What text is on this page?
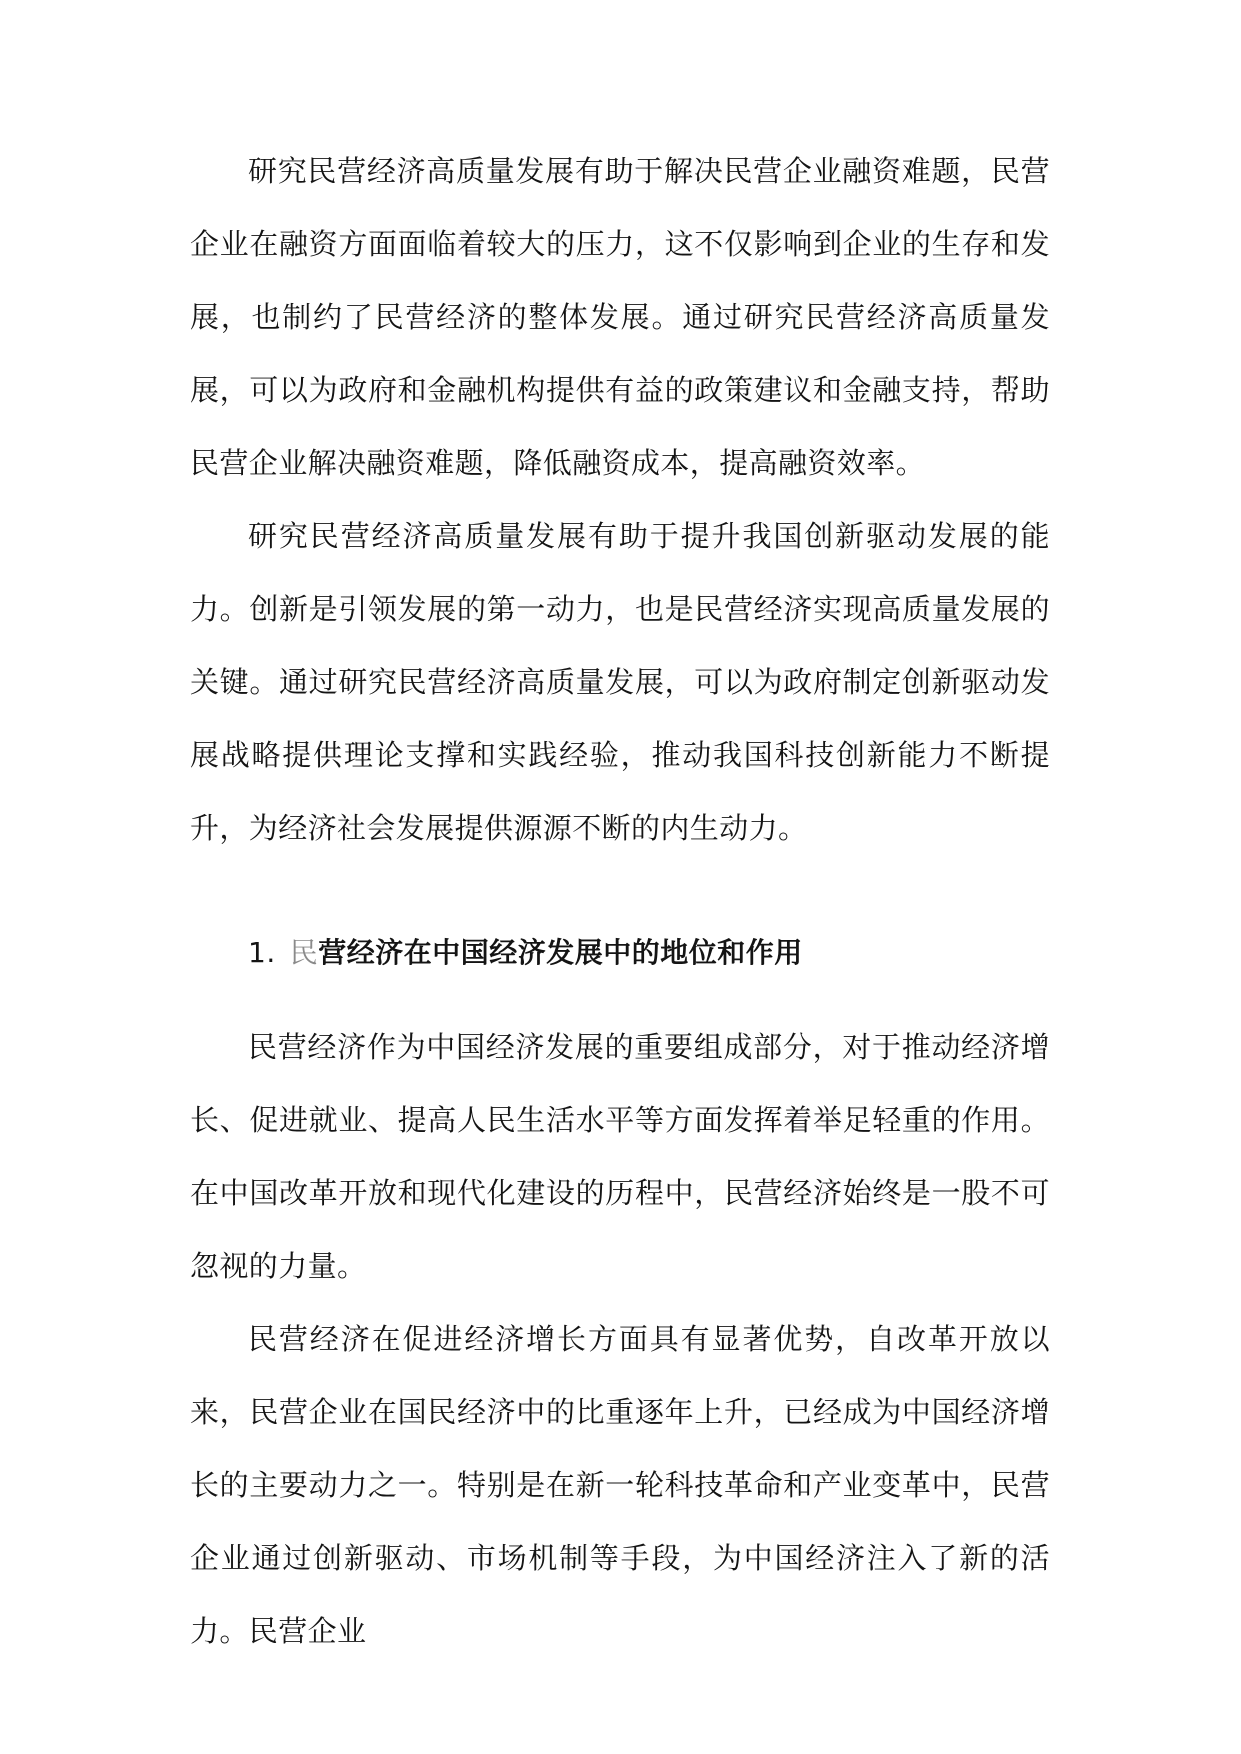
研究民营经济高质量发展有助于解决民营企业融资难题，民营企业在融资方面面临着较大的压力，这不仅影响到企业的生存和发展，也制约了民营经济的整体发展。通过研究民营经济高质量发展，可以为政府和金融机构提供有益的政策建议和金融支持，帮助民营企业解决融资难题，降低融资成本，提高融资效率。

研究民营经济高质量发展有助于提升我国创新驱动发展的能力。创新是引领发展的第一动力，也是民营经济实现高质量发展的关键。通过研究民营经济高质量发展，可以为政府制定创新驱动发展战略提供理论支撑和实践经验，推动我国科技创新能力不断提升，为经济社会发展提供源源不断的内生动力。

1. 民营经济在中国经济发展中的地位和作用

民营经济作为中国经济发展的重要组成部分，对于推动经济增长、促进就业、提高人民生活水平等方面发挥着举足轻重的作用。在中国改革开放和现代化建设的历程中，民营经济始终是一股不可忽视的力量。

民营经济在促进经济增长方面具有显著优势，自改革开放以来，民营企业在国民经济中的比重逐年上升，已经成为中国经济增长的主要动力之一。特别是在新一轮科技革命和产业变革中，民营企业通过创新驱动、市场机制等手段，为中国经济注入了新的活力。民营企业
